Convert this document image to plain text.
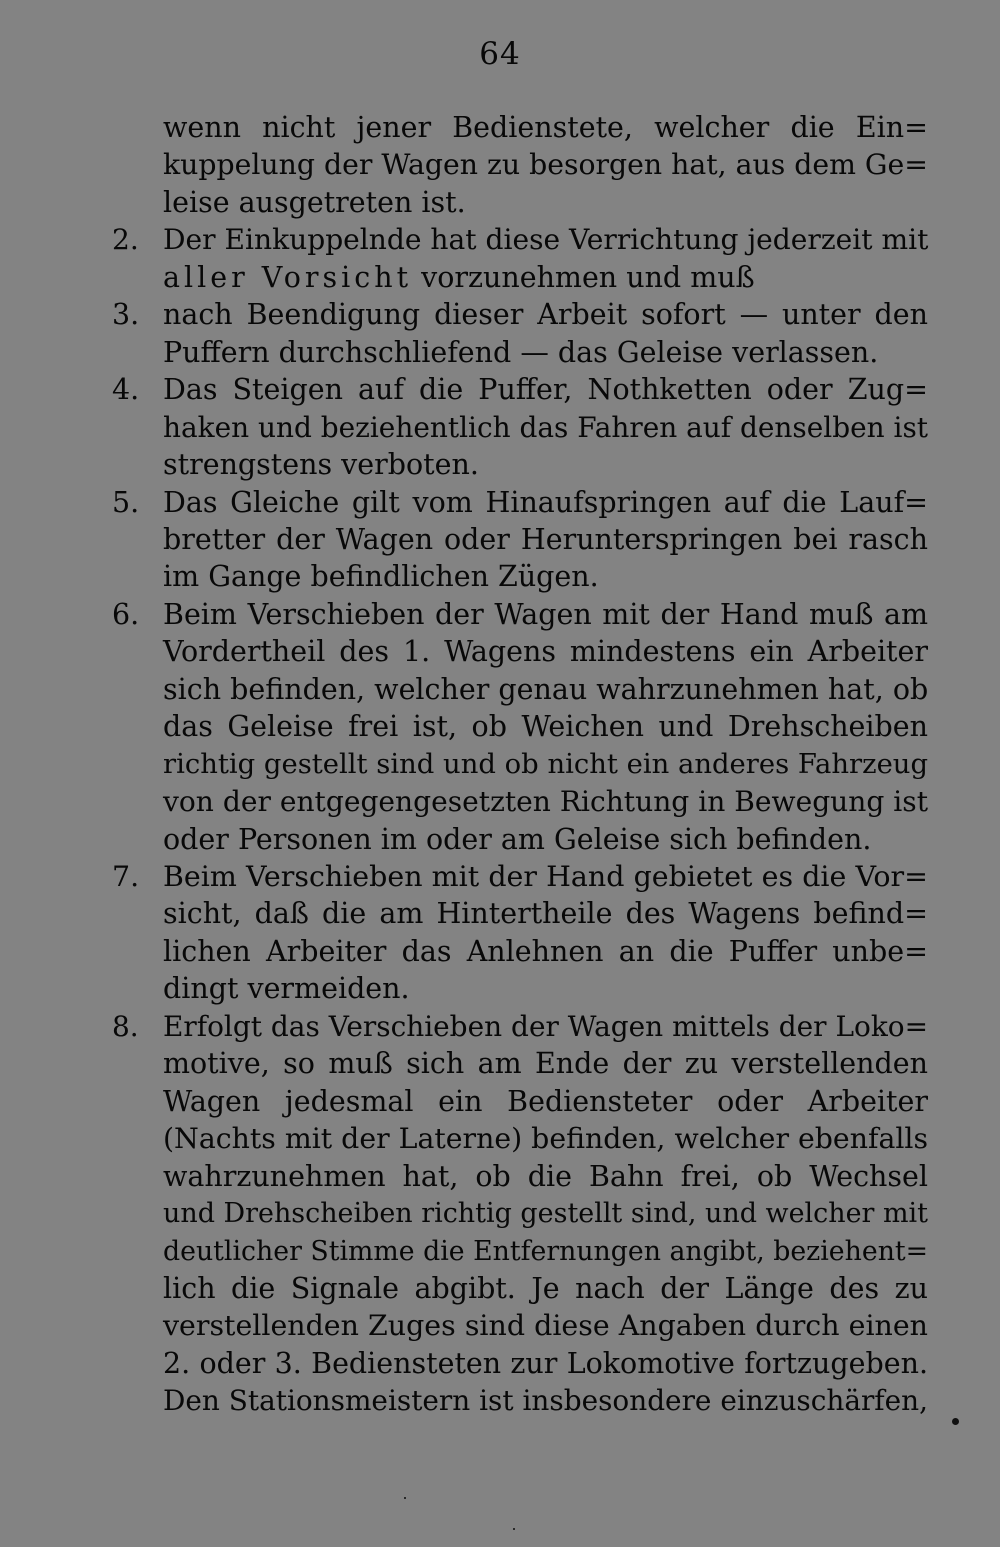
64
wenn nicht jener Bedienstete, welcher die Ein=
kuppelung der Wagen zu besorgen hat, aus dem Ge=
leise ausgetreten ist.
2. Der Einkuppelnde hat diese Verrichtung jederzeit mit
aller Vorsicht vorzunehmen und muß
3. nach Beendigung dieser Arbeit sofort — unter den
Puffern durchschliefend — das Geleise verlassen.
4. Das Steigen auf die Puffer, Nothketten oder Zug=
haken und beziehentlich das Fahren auf denselben ist
strengstens verboten.
5. Das Gleiche gilt vom Hinaufspringen auf die Lauf=
bretter der Wagen oder Herunterspringen bei rasch
im Gange befindlichen Zügen.
6. Beim Verschieben der Wagen mit der Hand muß am
Vordertheil des 1. Wagens mindestens ein Arbeiter
sich befinden, welcher genau wahrzunehmen hat, ob
das Geleise frei ist, ob Weichen und Drehscheiben
richtig gestellt sind und ob nicht ein anderes Fahrzeug
von der entgegengesetzten Richtung in Bewegung ist
oder Personen im oder am Geleise sich befinden.
7. Beim Verschieben mit der Hand gebietet es die Vor=
sicht, daß die am Hintertheile des Wagens befind=
lichen Arbeiter das Anlehnen an die Puffer unbe=
dingt vermeiden.
8. Erfolgt das Verschieben der Wagen mittels der Loko=
motive, so muß sich am Ende der zu verstellenden
Wagen jedesmal ein Bediensteter oder Arbeiter
(Nachts mit der Laterne) befinden, welcher ebenfalls
wahrzunehmen hat, ob die Bahn frei, ob Wechsel
und Drehscheiben richtig gestellt sind, und welcher mit
deutlicher Stimme die Entfernungen angibt, beziehent=
lich die Signale abgibt. Je nach der Länge des zu
verstellenden Zuges sind diese Angaben durch einen
2. oder 3. Bediensteten zur Lokomotive fortzugeben.
Den Stationsmeistern ist insbesondere einzuschärfen,
